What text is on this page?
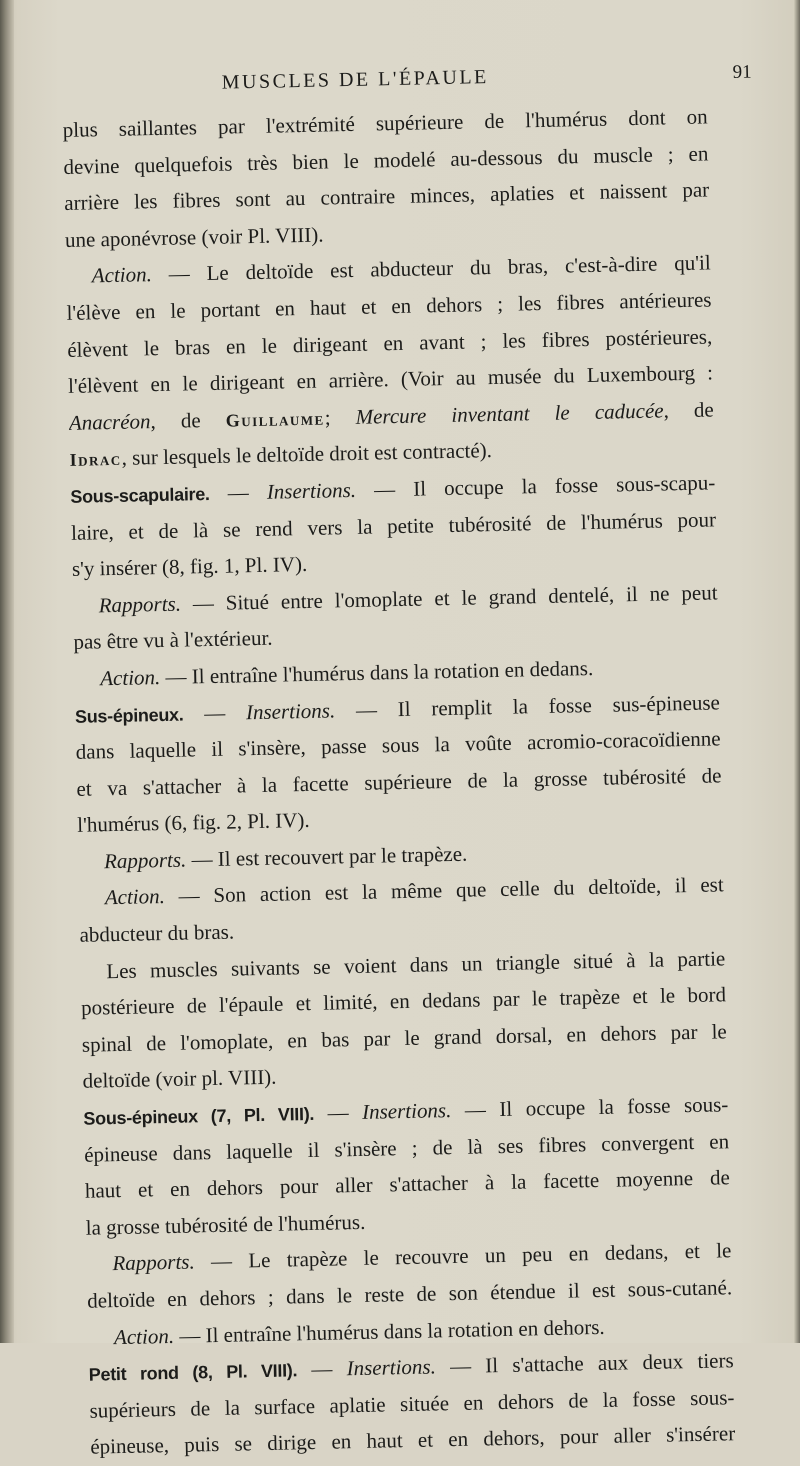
MUSCLES DE L'ÉPAULE	91
plus saillantes par l'extrémité supérieure de l'humérus dont on
devine quelquefois très bien le modelé au-dessous du muscle ; en
arrière les fibres sont au contraire minces, aplaties et naissent par
une aponévrose (voir Pl. VIII).
Action. — Le deltoïde est abducteur du bras, c'est-à-dire qu'il
l'élève en le portant en haut et en dehors ; les fibres antérieures
élèvent le bras en le dirigeant en avant ; les fibres postérieures,
l'élèvent en le dirigeant en arrière. (Voir au musée du Luxembourg :
Anacréon, de Guillaume; Mercure inventant le caducée, de
Idrac, sur lesquels le deltoïde droit est contracté).
Sous-scapulaire. — Insertions. — Il occupe la fosse sous-scapu-
laire, et de là se rend vers la petite tubérosité de l'humérus pour
s'y insérer (8, fig. 1, Pl. IV).
Rapports. — Situé entre l'omoplate et le grand dentelé, il ne peut
pas être vu à l'extérieur.
Action. — Il entraîne l'humérus dans la rotation en dedans.
Sus-épineux. — Insertions. — Il remplit la fosse sus-épineuse
dans laquelle il s'insère, passe sous la voûte acromio-coracoïdienne
et va s'attacher à la facette supérieure de la grosse tubérosité de
l'humérus (6, fig. 2, Pl. IV).
Rapports. — Il est recouvert par le trapèze.
Action. — Son action est la même que celle du deltoïde, il est
abducteur du bras.
Les muscles suivants se voient dans un triangle situé à la partie
postérieure de l'épaule et limité, en dedans par le trapèze et le bord
spinal de l'omoplate, en bas par le grand dorsal, en dehors par le
deltoïde (voir pl. VIII).
Sous-épineux (7, Pl. VIII). — Insertions. — Il occupe la fosse sous-
épineuse dans laquelle il s'insère ; de là ses fibres convergent en
haut et en dehors pour aller s'attacher à la facette moyenne de
la grosse tubérosité de l'humérus.
Rapports. — Le trapèze le recouvre un peu en dedans, et le
deltoïde en dehors ; dans le reste de son étendue il est sous-cutané.
Action. — Il entraîne l'humérus dans la rotation en dehors.
Petit rond (8, Pl. VIII). — Insertions. — Il s'attache aux deux tiers
supérieurs de la surface aplatie située en dehors de la fosse sous-
épineuse, puis se dirige en haut et en dehors, pour aller s'insérer
